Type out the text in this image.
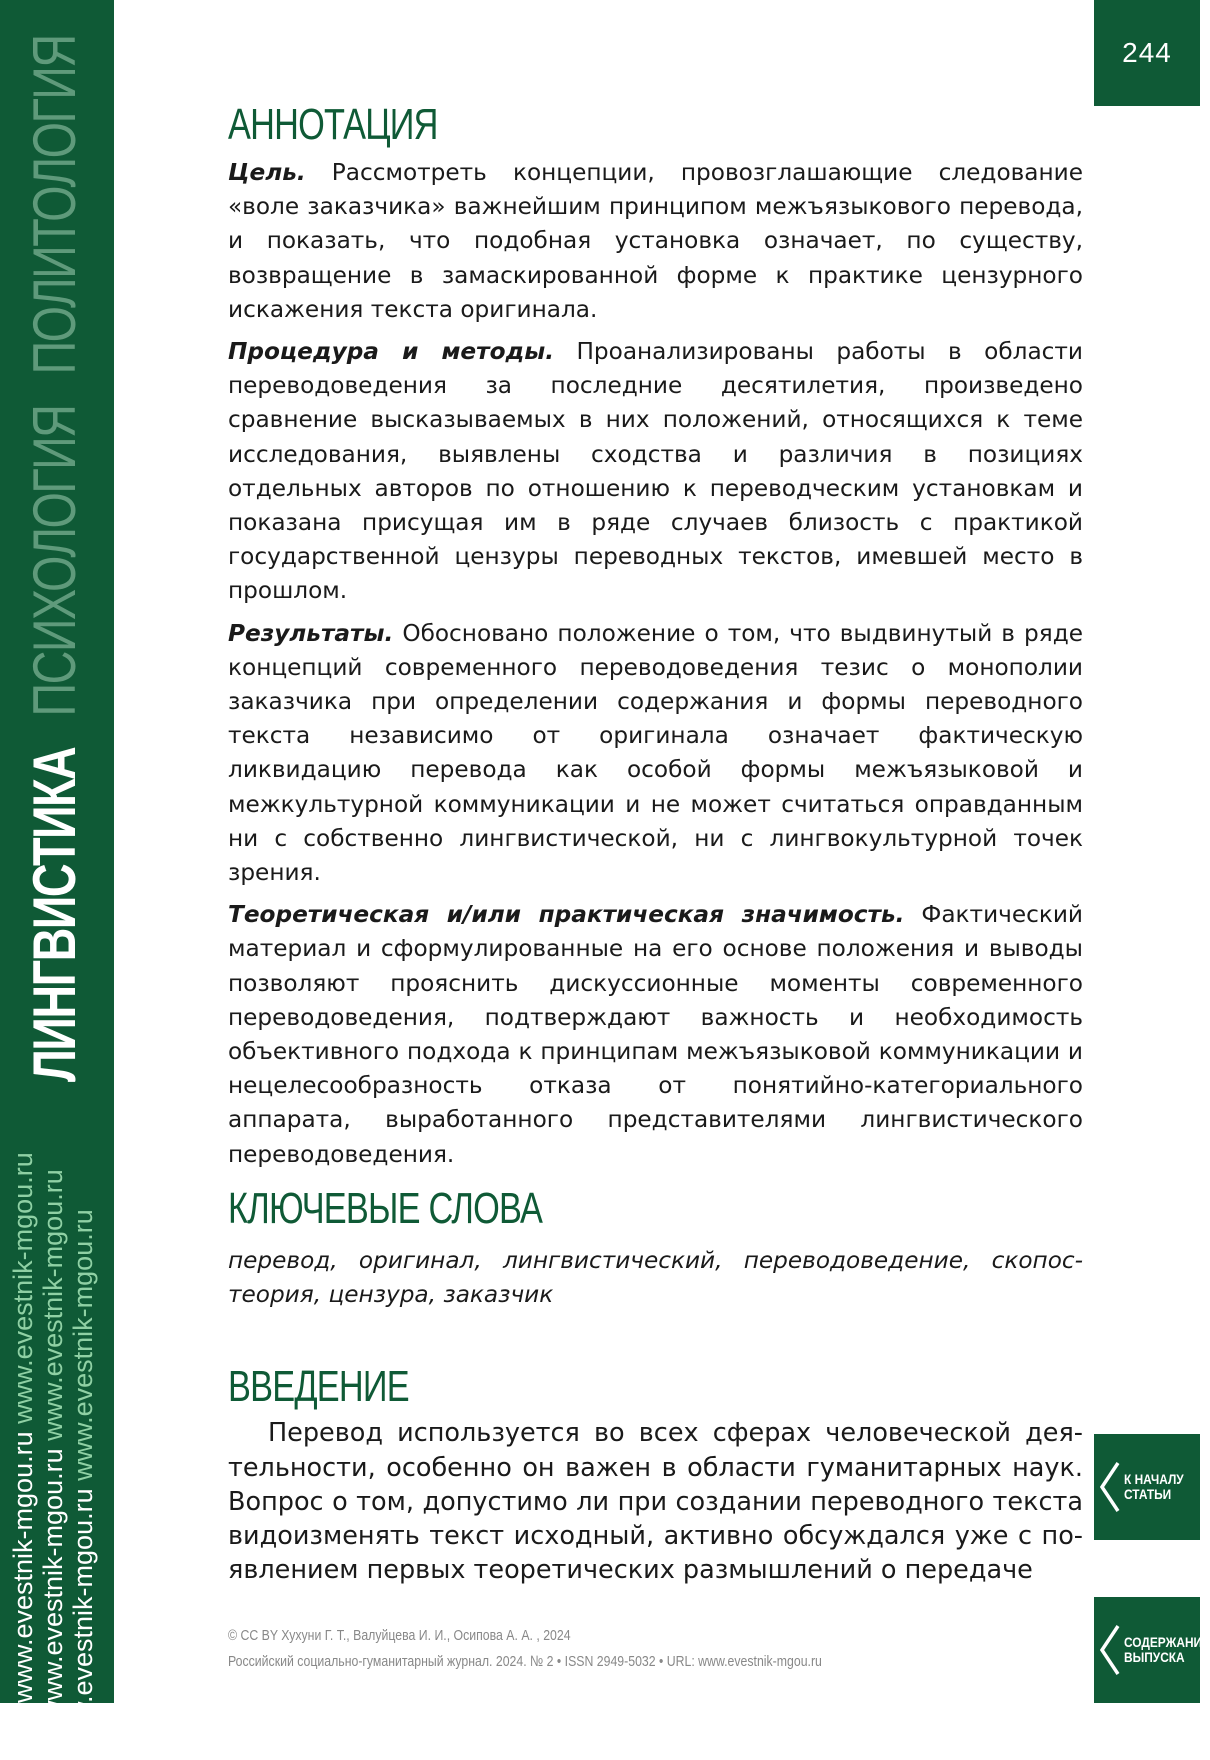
ЛИНГВИСТИКАПСИХОЛОГИЯПОЛИТОЛОГИЯ
www.evestnik-mgou.ru www.evestnik-mgou.ru
www.evestnik-mgou.ru www.evestnik-mgou.ru
www.evestnik-mgou.ru www.evestnik-mgou.ru
244
К НАЧАЛУ
СТАТЬИ
СОДЕРЖАНИЕ
ВЫПУСКА
АННОТАЦИЯ

Цель. Рассмотреть концепции, провозглашающие следование «воле заказчика» важнейшим принципом межъязыкового перевода, и показать, что подобная установка означает, по существу, возвращение в замаскированной форме к практике цензурного искажения текста оригинала.

Процедура и методы. Проанализированы работы в области переводоведения за последние десятилетия, произведено сравнение высказываемых в них положений, относящихся к теме исследования, выявлены сходства и различия в позициях отдельных авторов по отношению к переводческим установкам и показана присущая им в ряде случаев близость с практикой государственной цензуры переводных текстов, имевшей место в прошлом.

Результаты. Обосновано положение о том, что выдвинутый в ряде концепций современного переводоведения тезис о монополии заказчика при определении содержания и формы переводного текста независимо от оригинала означает фактическую ликвидацию перевода как особой формы межъязыковой и межкультурной коммуникации и не может считаться оправданным ни с собственно лингвистической, ни с лингвокультурной точек зрения.

Теоретическая и/или практическая значимость. Фактический материал и сформулированные на его основе положения и выводы позволяют прояснить дискуссионные моменты современного переводоведения, подтверждают важность и необходимость объективного подхода к принципам межъязыковой коммуникации и нецелесообразность отказа от понятийно-категориального аппарата, выработанного представителями лингвистического переводоведения.

КЛЮЧЕВЫЕ СЛОВА

перевод, оригинал, лингвистический, переводоведение, скопос-теория, цензура, заказчик

ВВЕДЕНИЕ

Перевод используется во всех сферах человеческой деятельности, особенно он важен в области гуманитарных наук. Вопрос о том, допустимо ли при создании переводного текста видоизменять текст исходный, активно обсуждался уже с появлением первых теоретических размышлений о передаче

© CC BY Хухуни Г. Т., Валуйцева И. И., Осипова А. А. , 2024
Российский социально-гуманитарный журнал. 2024. № 2 • ISSN 2949-5032 • URL: www.evestnik-mgou.ru
